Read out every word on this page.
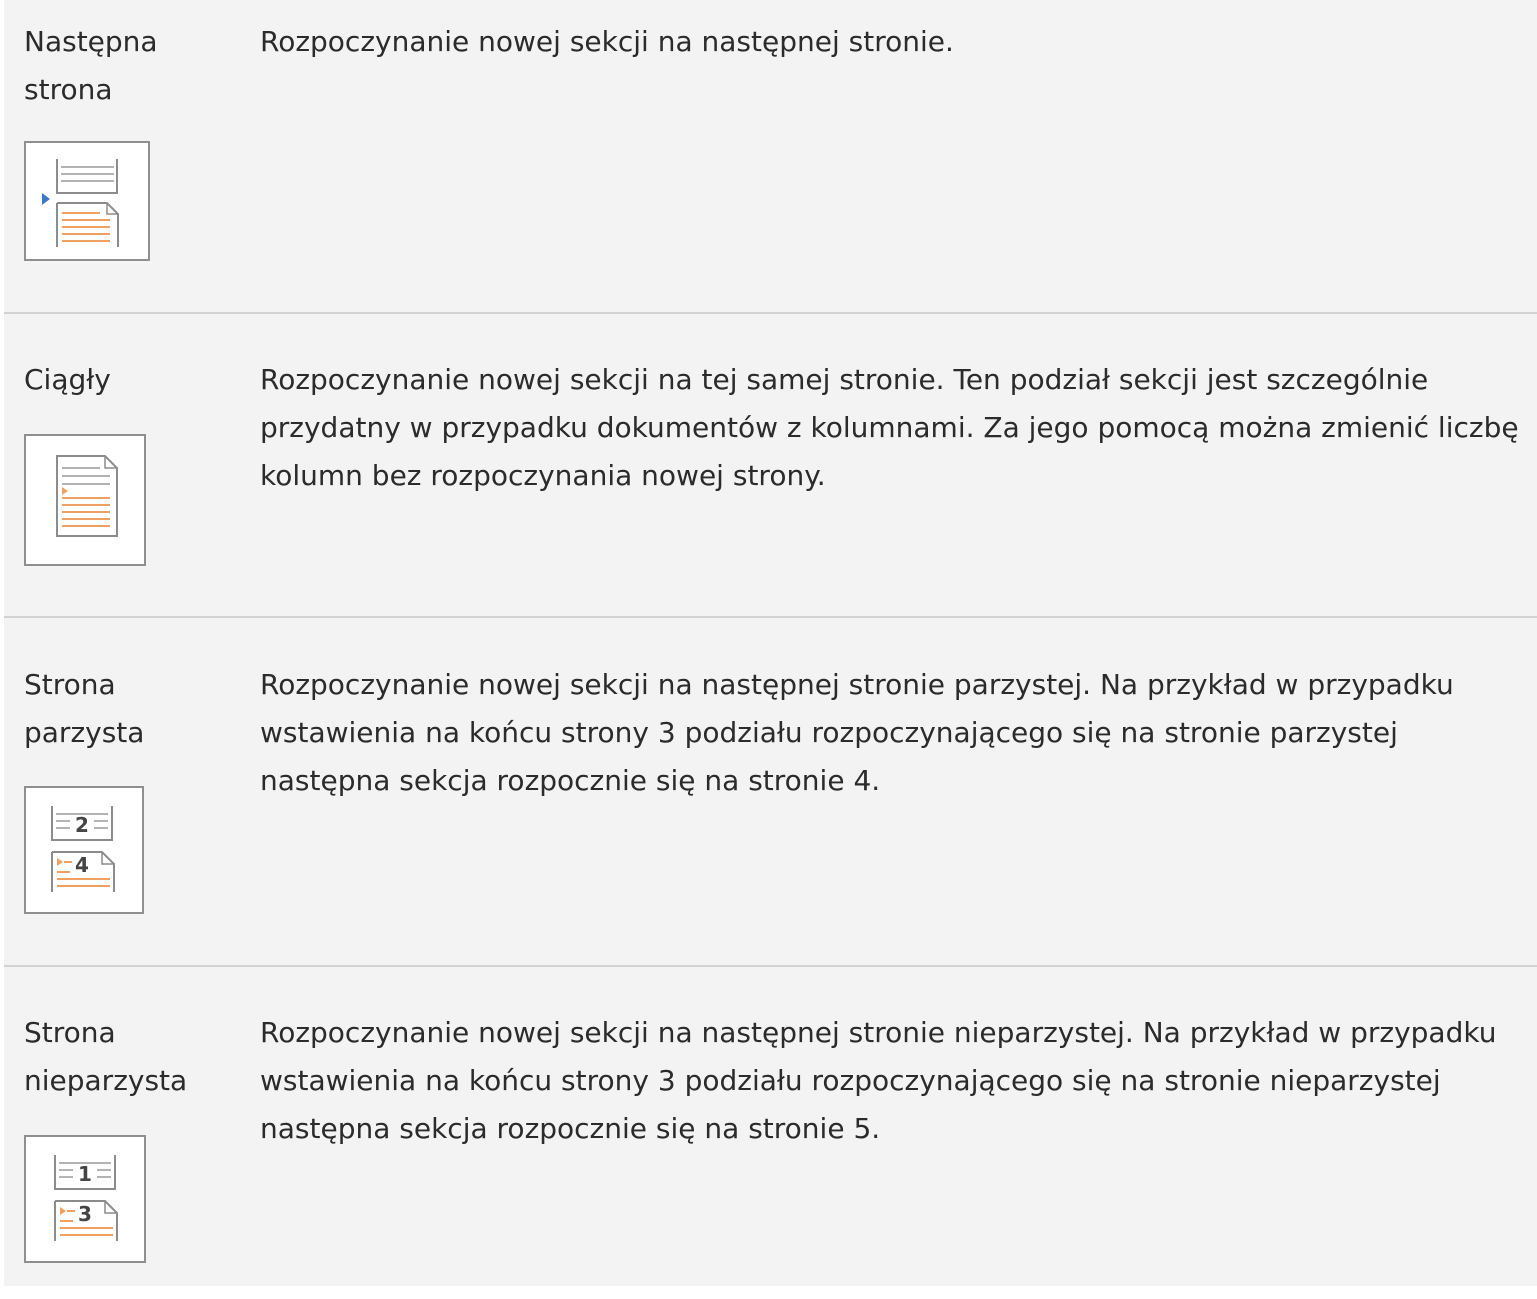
Następna
strona
Rozpoczynanie nowej sekcji na następnej stronie.
Ciągły	Rozpoczynanie nowej sekcji na tej samej stronie. Ten podział sekcji jest szczególnie przydatny w przypadku dokumentów z kolumnami. Za jego pomocą można zmienić liczbę kolumn bez rozpoczynania nowej strony.
Strona
parzysta
Rozpoczynanie nowej sekcji na następnej stronie parzystej. Na przykład w przypadku wstawienia na końcu strony 3 podziału rozpoczynającego się na stronie parzystej następna sekcja rozpocznie się na stronie 4.
2
4
Strona
nieparzysta
Rozpoczynanie nowej sekcji na następnej stronie nieparzystej. Na przykład w przypadku wstawienia na końcu strony 3 podziału rozpoczynającego się na stronie nieparzystej następna sekcja rozpocznie się na stronie 5.
1
3
